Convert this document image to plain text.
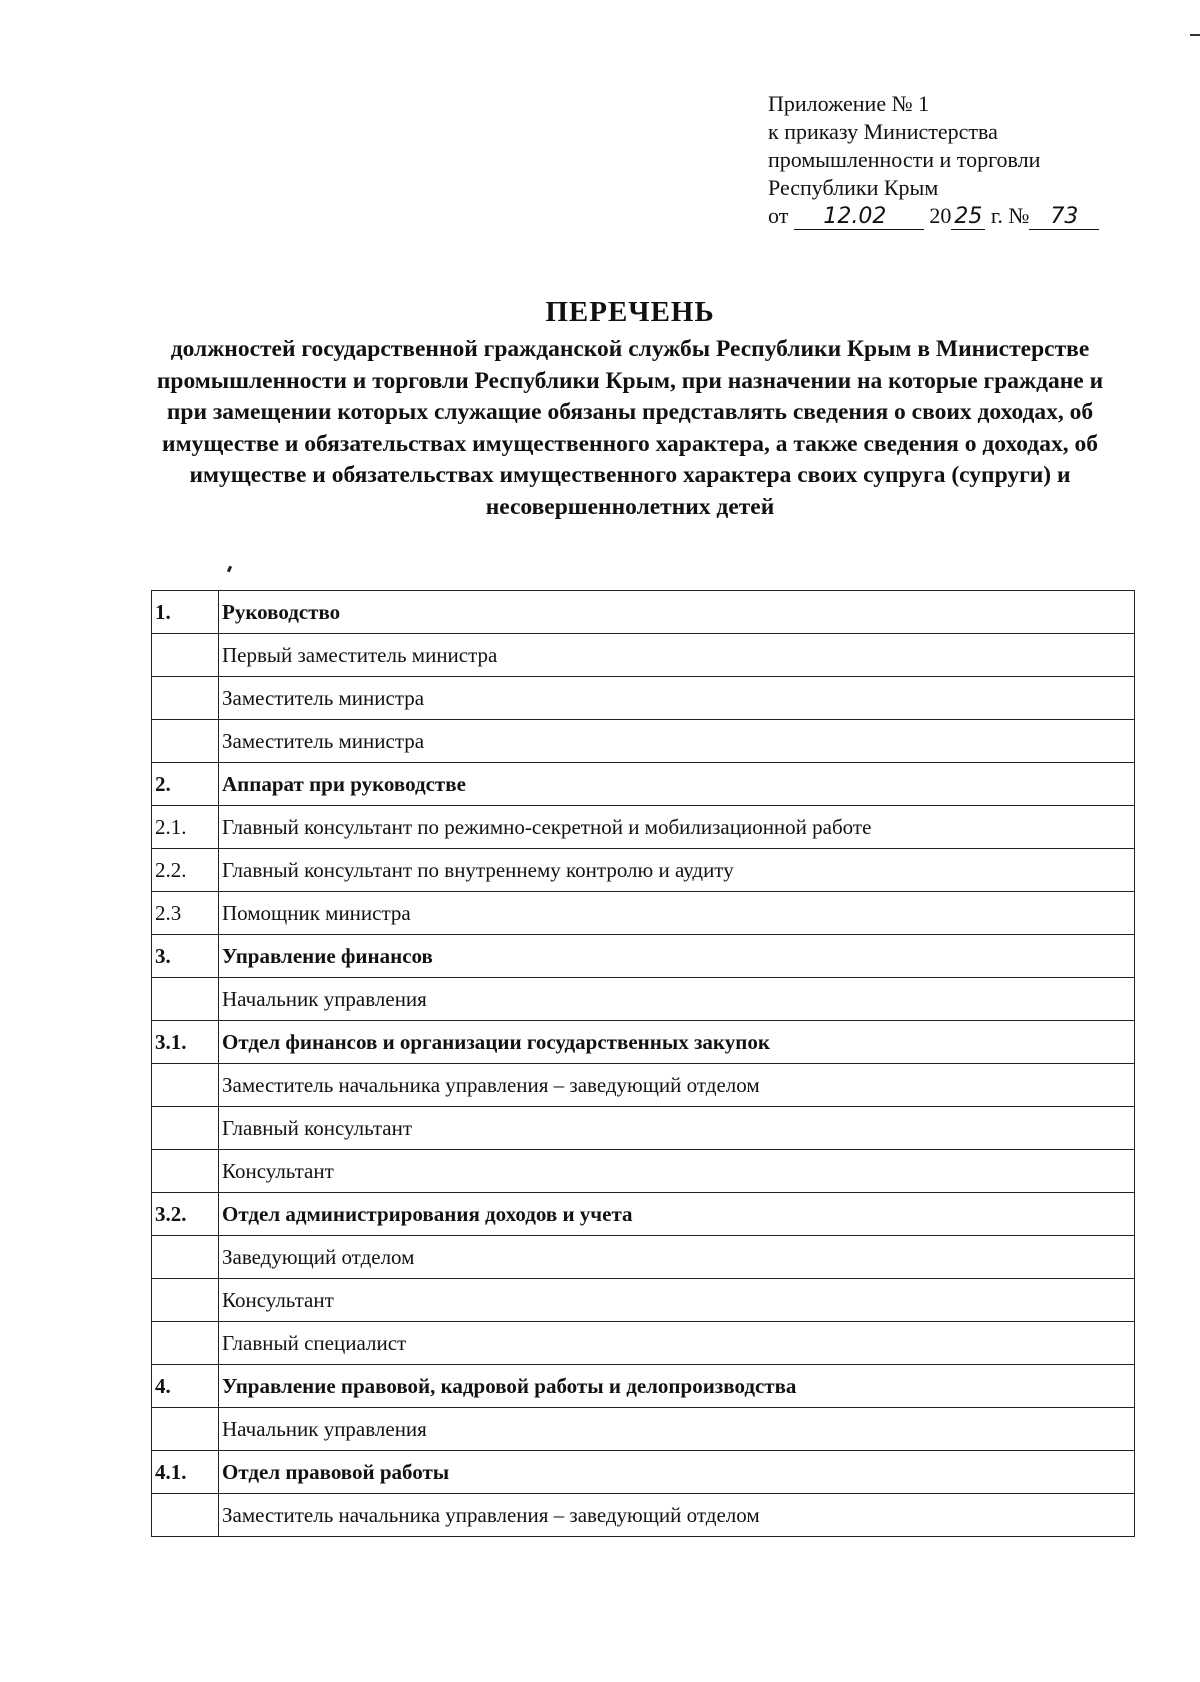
Приложение № 1
к приказу Министерства
промышленности и торговли
Республики Крым
от 12.02 20 25 г. № 73
ПЕРЕЧЕНЬ
должностей государственной гражданской службы Республики Крым в Министерстве промышленности и торговли Республики Крым, при назначении на которые граждане и при замещении которых служащие обязаны представлять сведения о своих доходах, об имуществе и обязательствах имущественного характера, а также сведения о доходах, об имуществе и обязательствах имущественного характера своих супруга (супруги) и несовершеннолетних детей
1.	Руководство
	Первый заместитель министра
	Заместитель министра
	Заместитель министра
2.	Аппарат при руководстве
2.1.	Главный консультант по режимно-секретной и мобилизационной работе
2.2.	Главный консультант по внутреннему контролю и аудиту
2.3	Помощник министра
3.	Управление финансов
	Начальник управления
3.1.	Отдел финансов и организации государственных закупок
	Заместитель начальника управления – заведующий отделом
	Главный консультант
	Консультант
3.2.	Отдел администрирования доходов и учета
	Заведующий отделом
	Консультант
	Главный специалист
4.	Управление правовой, кадровой работы и делопроизводства
	Начальник управления
4.1.	Отдел правовой работы
	Заместитель начальника управления – заведующий отделом
